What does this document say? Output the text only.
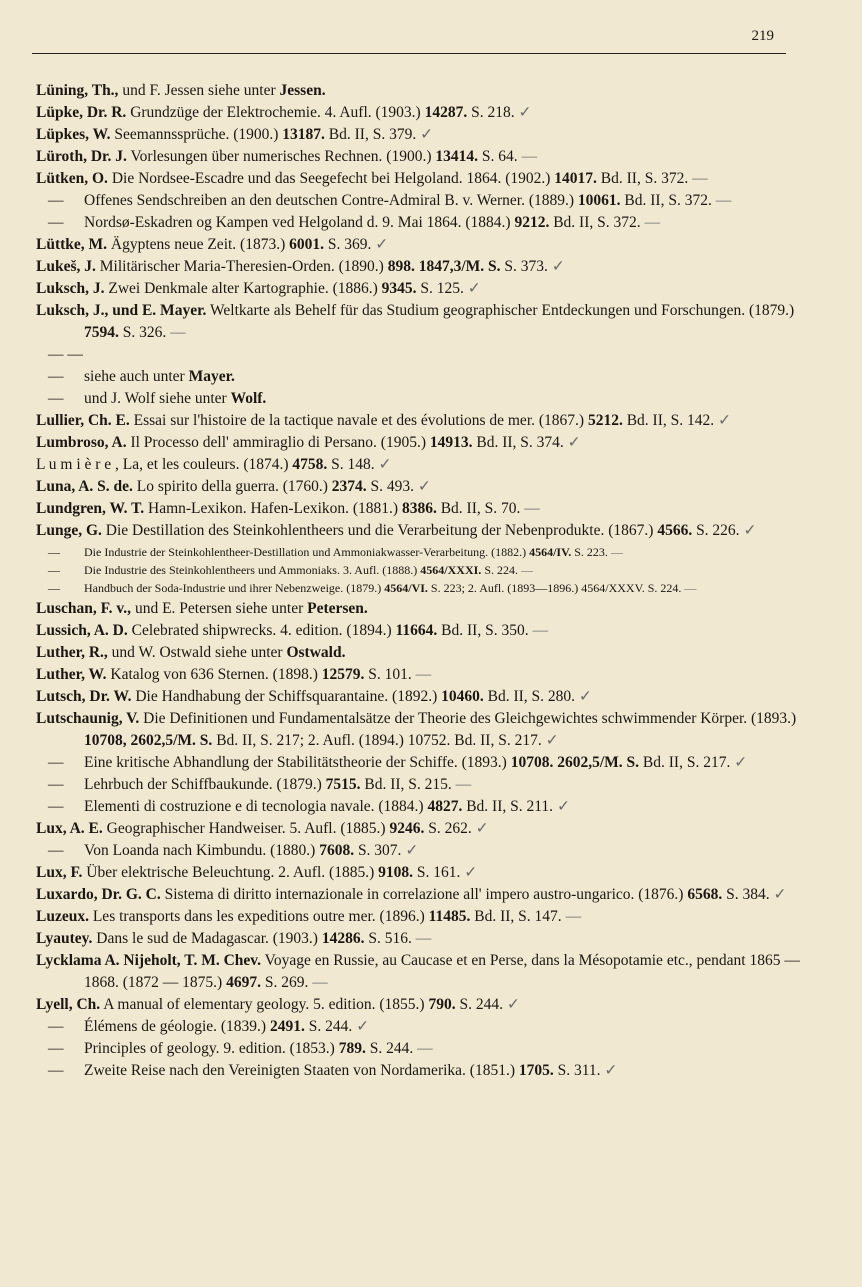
219
Lüning, Th., und F. Jessen siehe unter Jessen.
Lüpke, Dr. R. Grundzüge der Elektrochemie. 4. Aufl. (1903.) 14287. S. 218. ✓
Lüpkes, W. Seemannssprüche. (1900.) 13187. Bd. II, S. 379. ✓
Lüroth, Dr. J. Vorlesungen über numerisches Rechnen. (1900.) 13414. S. 64. —
Lütken, O. Die Nordsee-Escadre und das Seegefecht bei Helgoland. 1864. (1902.) 14017. Bd. II, S. 372. —
— Offenes Sendschreiben an den deutschen Contre-Admiral B. v. Werner. (1889.) 10061. Bd. II, S. 372. —
— Nordsø-Eskadren og Kampen ved Helgoland d. 9. Mai 1864. (1884.) 9212. Bd. II, S. 372. —
Lüttke, M. Ägyptens neue Zeit. (1873.) 6001. S. 369. ✓
Lukeš, J. Militärischer Maria-Theresien-Orden. (1890.) 898. 1847,3/M. S. S. 373. ✓
Luksch, J. Zwei Denkmale alter Kartographie. (1886.) 9345. S. 125. ✓
Luksch, J., und E. Mayer. Weltkarte als Behelf für das Studium geographischer Entdeckungen und Forschungen. (1879.) 7594. S. 326. —
— — — siehe auch unter Mayer.
— und J. Wolf siehe unter Wolf.
Lullier, Ch. E. Essai sur l'histoire de la tactique navale et des évolutions de mer. (1867.) 5212. Bd. II, S. 142. ✓
Lumbroso, A. Il Processo dell' ammiraglio di Persano. (1905.) 14913. Bd. II, S. 374. ✓
L u m i è r e , La, et les couleurs. (1874.) 4758. S. 148. ✓
Luna, A. S. de. Lo spirito della guerra. (1760.) 2374. S. 493. ✓
Lundgren, W. T. Hamn-Lexikon. Hafen-Lexikon. (1881.) 8386. Bd. II, S. 70. —
Lunge, G. Die Destillation des Steinkohlentheers und die Verarbeitung der Nebenprodukte. (1867.) 4566. S. 226. ✓
— Die Industrie der Steinkohlentheer-Destillation und Ammoniakwasser-Verarbeitung. (1882.) 4564/IV. S. 223. —
— Die Industrie des Steinkohlentheers und Ammoniaks. 3. Aufl. (1888.) 4564/XXXI. S. 224. —
— Handbuch der Soda-Industrie und ihrer Nebenzweige. (1879.) 4564/VI. S. 223; 2. Aufl. (1893—1896.) 4564/XXXV. S. 224. —
Luschan, F. v., und E. Petersen siehe unter Petersen.
Lussich, A. D. Celebrated shipwrecks. 4. edition. (1894.) 11664. Bd. II, S. 350. —
Luther, R., und W. Ostwald siehe unter Ostwald.
Luther, W. Katalog von 636 Sternen. (1898.) 12579. S. 101. —
Lutsch, Dr. W. Die Handhabung der Schiffsquarantaine. (1892.) 10460. Bd. II, S. 280. ✓
Lutschaunig, V. Die Definitionen und Fundamentalsätze der Theorie des Gleichgewichtes schwimmender Körper. (1893.) 10708, 2602,5/M. S. Bd. II, S. 217; 2. Aufl. (1894.) 10752. Bd. II, S. 217. ✓
— Eine kritische Abhandlung der Stabilitätstheorie der Schiffe. (1893.) 10708. 2602,5/M. S. Bd. II, S. 217. ✓
— Lehrbuch der Schiffbaukunde. (1879.) 7515. Bd. II, S. 215. —
— Elementi di costruzione e di tecnologia navale. (1884.) 4827. Bd. II, S. 211. ✓
Lux, A. E. Geographischer Handweiser. 5. Aufl. (1885.) 9246. S. 262. ✓
— Von Loanda nach Kimbundu. (1880.) 7608. S. 307. ✓
Lux, F. Über elektrische Beleuchtung. 2. Aufl. (1885.) 9108. S. 161. ✓
Luxardo, Dr. G. C. Sistema di diritto internazionale in correlazione all' impero austro-ungarico. (1876.) 6568. S. 384. ✓
Luzeux. Les transports dans les expeditions outre mer. (1896.) 11485. Bd. II, S. 147. —
Lyautey. Dans le sud de Madagascar. (1903.) 14286. S. 516. —
Lycklama A. Nijeholt, T. M. Chev. Voyage en Russie, au Caucase et en Perse, dans la Mésopotamie etc., pendant 1865 — 1868. (1872 — 1875.) 4697. S. 269. —
Lyell, Ch. A manual of elementary geology. 5. edition. (1855.) 790. S. 244. ✓
— Élémens de géologie. (1839.) 2491. S. 244. ✓
— Principles of geology. 9. edition. (1853.) 789. S. 244. —
— Zweite Reise nach den Vereinigten Staaten von Nordamerika. (1851.) 1705. S. 311. ✓
